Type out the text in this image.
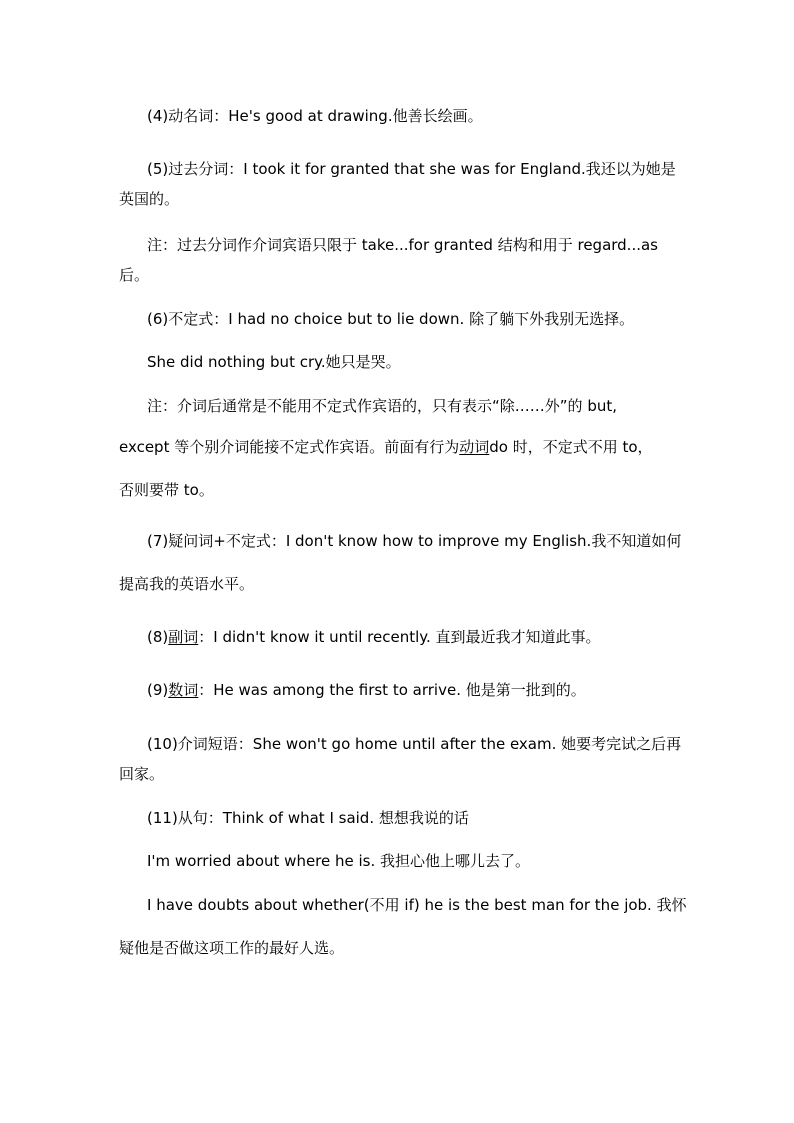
(4)动名词：He's good at drawing.他善长绘画。
(5)过去分词：I took it for granted that she was for England.我还以为她是
英国的。
注：过去分词作介词宾语只限于 take...for granted 结构和用于 regard...as
后。
(6)不定式：I had no choice but to lie down. 除了躺下外我别无选择。
She did nothing but cry.她只是哭。
注：介词后通常是不能用不定式作宾语的，只有表示“除……外”的 but,
except 等个别介词能接不定式作宾语。前面有行为动词do 时，不定式不用 to，
否则要带 to。
(7)疑问词+不定式：I don't know how to improve my English.我不知道如何
提高我的英语水平。
(8)副词：I didn't know it until recently. 直到最近我才知道此事。
(9)数词：He was among the first to arrive. 他是第一批到的。
(10)介词短语：She won't go home until after the exam. 她要考完试之后再
回家。
(11)从句：Think of what I said. 想想我说的话
I'm worried about where he is. 我担心他上哪儿去了。
I have doubts about whether(不用 if) he is the best man for the job. 我怀
疑他是否做这项工作的最好人选。
